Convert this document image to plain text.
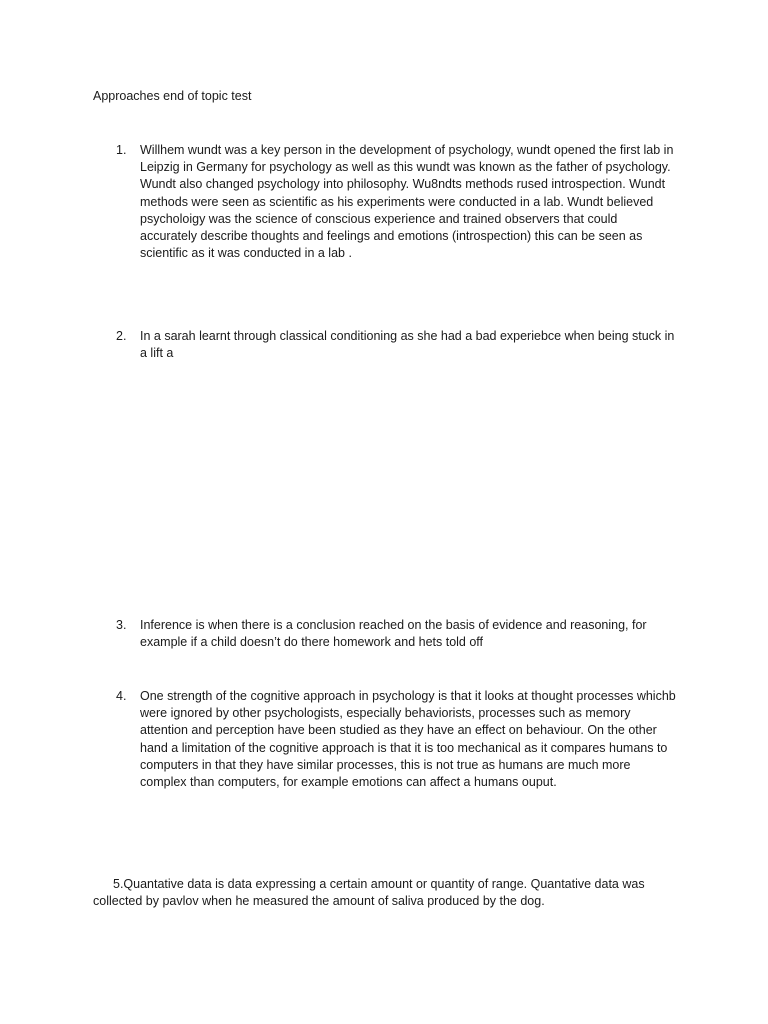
Approaches end of topic test
1.	Willhem wundt was a key person in the development of psychology, wundt opened the first lab in Leipzig in Germany for psychology as well as this wundt was known as the father of psychology. Wundt also changed psychology into philosophy. Wu8ndts methods rused introspection. Wundt methods were seen as scientific as his experiments were conducted in a lab. Wundt believed psycholoigy was the science of conscious experience and trained observers that could accurately describe thoughts and feelings and emotions (introspection) this can be seen as scientific as it was conducted in a lab .
2.	In a sarah learnt through classical conditioning as she had a bad experiebce when being stuck in a lift a
3.	Inference is when there is a conclusion reached on the basis of evidence and reasoning, for example if a child doesn’t do there homework and hets told off
4.	One strength of the cognitive approach in psychology is that it looks at thought processes whichb were ignored by other psychologists, especially behaviorists, processes such as memory attention and perception have been studied as they have an effect on behaviour. On the other hand a limitation of the cognitive approach is that it is too mechanical as it compares humans to computers in that they have similar processes, this is not true as humans are much more complex than computers, for example emotions can affect a humans ouput.
5.Quantative data is data expressing a certain amount or quantity of range. Quantative data was collected by pavlov when he measured the amount of saliva produced by the dog.
